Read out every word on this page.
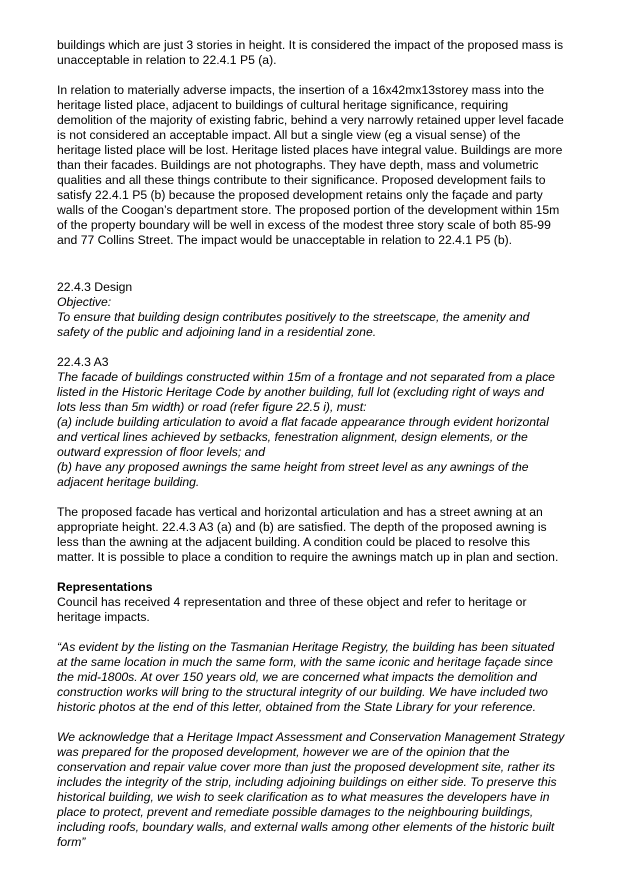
buildings which are just 3 stories in height. It is considered the impact of the proposed mass is unacceptable in relation to 22.4.1 P5 (a).

In relation to materially adverse impacts, the insertion of a 16x42mx13storey mass into the heritage listed place, adjacent to buildings of cultural heritage significance, requiring demolition of the majority of existing fabric, behind a very narrowly retained upper level facade is not considered an acceptable impact. All but a single view (eg a visual sense) of the heritage listed place will be lost. Heritage listed places have integral value. Buildings are more than their facades. Buildings are not photographs. They have depth, mass and volumetric qualities and all these things contribute to their significance. Proposed development fails to satisfy 22.4.1 P5 (b) because the proposed development retains only the façade and party walls of the Coogan’s department store. The proposed portion of the development within 15m of the property boundary will be well in excess of the modest three story scale of both 85-99 and 77 Collins Street. The impact would be unacceptable in relation to 22.4.1 P5 (b).

22.4.3 Design

Objective:

To ensure that building design contributes positively to the streetscape, the amenity and safety of the public and adjoining land in a residential zone.

22.4.3 A3

The facade of buildings constructed within 15m of a frontage and not separated from a place listed in the Historic Heritage Code by another building, full lot (excluding right of ways and lots less than 5m width) or road (refer figure 22.5 i), must:

(a) include building articulation to avoid a flat facade appearance through evident horizontal and vertical lines achieved by setbacks, fenestration alignment, design elements, or the outward expression of floor levels; and

(b) have any proposed awnings the same height from street level as any awnings of the adjacent heritage building.

The proposed facade has vertical and horizontal articulation and has a street awning at an appropriate height. 22.4.3 A3 (a) and (b) are satisfied. The depth of the proposed awning is less than the awning at the adjacent building. A condition could be placed to resolve this matter. It is possible to place a condition to require the awnings match up in plan and section.

Representations

Council has received 4 representation and three of these object and refer to heritage or heritage impacts.

“As evident by the listing on the Tasmanian Heritage Registry, the building has been situated at the same location in much the same form, with the same iconic and heritage façade since the mid-1800s. At over 150 years old, we are concerned what impacts the demolition and construction works will bring to the structural integrity of our building. We have included two historic photos at the end of this letter, obtained from the State Library for your reference.

We acknowledge that a Heritage Impact Assessment and Conservation Management Strategy was prepared for the proposed development, however we are of the opinion that the conservation and repair value cover more than just the proposed development site, rather its includes the integrity of the strip, including adjoining buildings on either side. To preserve this historical building, we wish to seek clarification as to what measures the developers have in place to protect, prevent and remediate possible damages to the neighbouring buildings, including roofs, boundary walls, and external walls among other elements of the historic built form”
